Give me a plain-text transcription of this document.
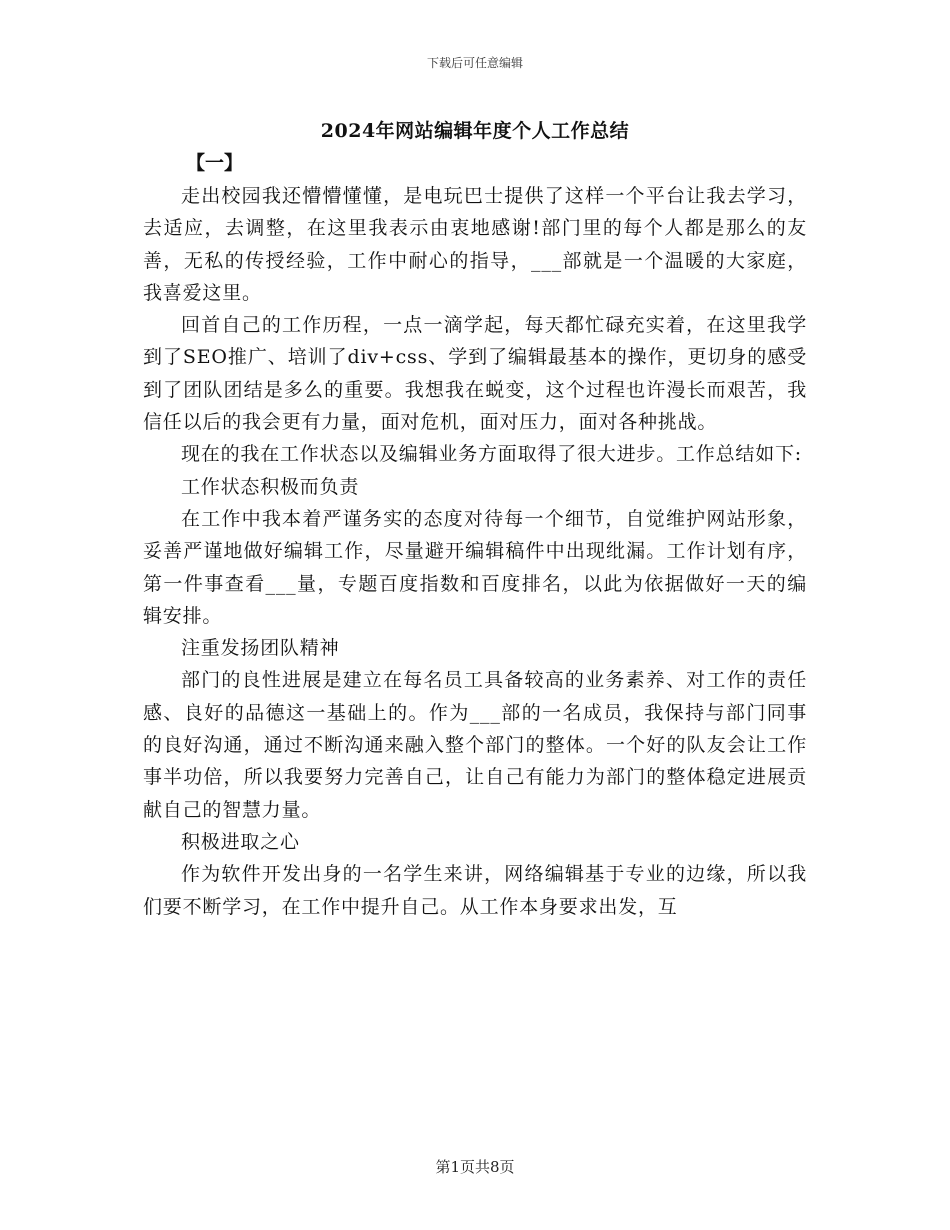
下载后可任意编辑
2024年网站编辑年度个人工作总结
【一】

走出校园我还懵懵懂懂，是电玩巴士提供了这样一个平台让我去学习，去适应，去调整，在这里我表示由衷地感谢!部门里的每个人都是那么的友善，无私的传授经验，工作中耐心的指导，___部就是一个温暖的大家庭，我喜爱这里。

回首自己的工作历程，一点一滴学起，每天都忙碌充实着，在这里我学到了SEO推广、培训了div+css、学到了编辑最基本的操作，更切身的感受到了团队团结是多么的重要。我想我在蜕变，这个过程也许漫长而艰苦，我信任以后的我会更有力量，面对危机，面对压力，面对各种挑战。

现在的我在工作状态以及编辑业务方面取得了很大进步。工作总结如下:

工作状态积极而负责

在工作中我本着严谨务实的态度对待每一个细节，自觉维护网站形象，妥善严谨地做好编辑工作，尽量避开编辑稿件中出现纰漏。工作计划有序，第一件事查看___量，专题百度指数和百度排名，以此为依据做好一天的编辑安排。

注重发扬团队精神

部门的良性进展是建立在每名员工具备较高的业务素养、对工作的责任感、良好的品德这一基础上的。作为___部的一名成员，我保持与部门同事的良好沟通，通过不断沟通来融入整个部门的整体。一个好的队友会让工作事半功倍，所以我要努力完善自己，让自己有能力为部门的整体稳定进展贡献自己的智慧力量。

积极进取之心

作为软件开发出身的一名学生来讲，网络编辑基于专业的边缘，所以我们要不断学习，在工作中提升自己。从工作本身要求出发，互

第1页共8页
